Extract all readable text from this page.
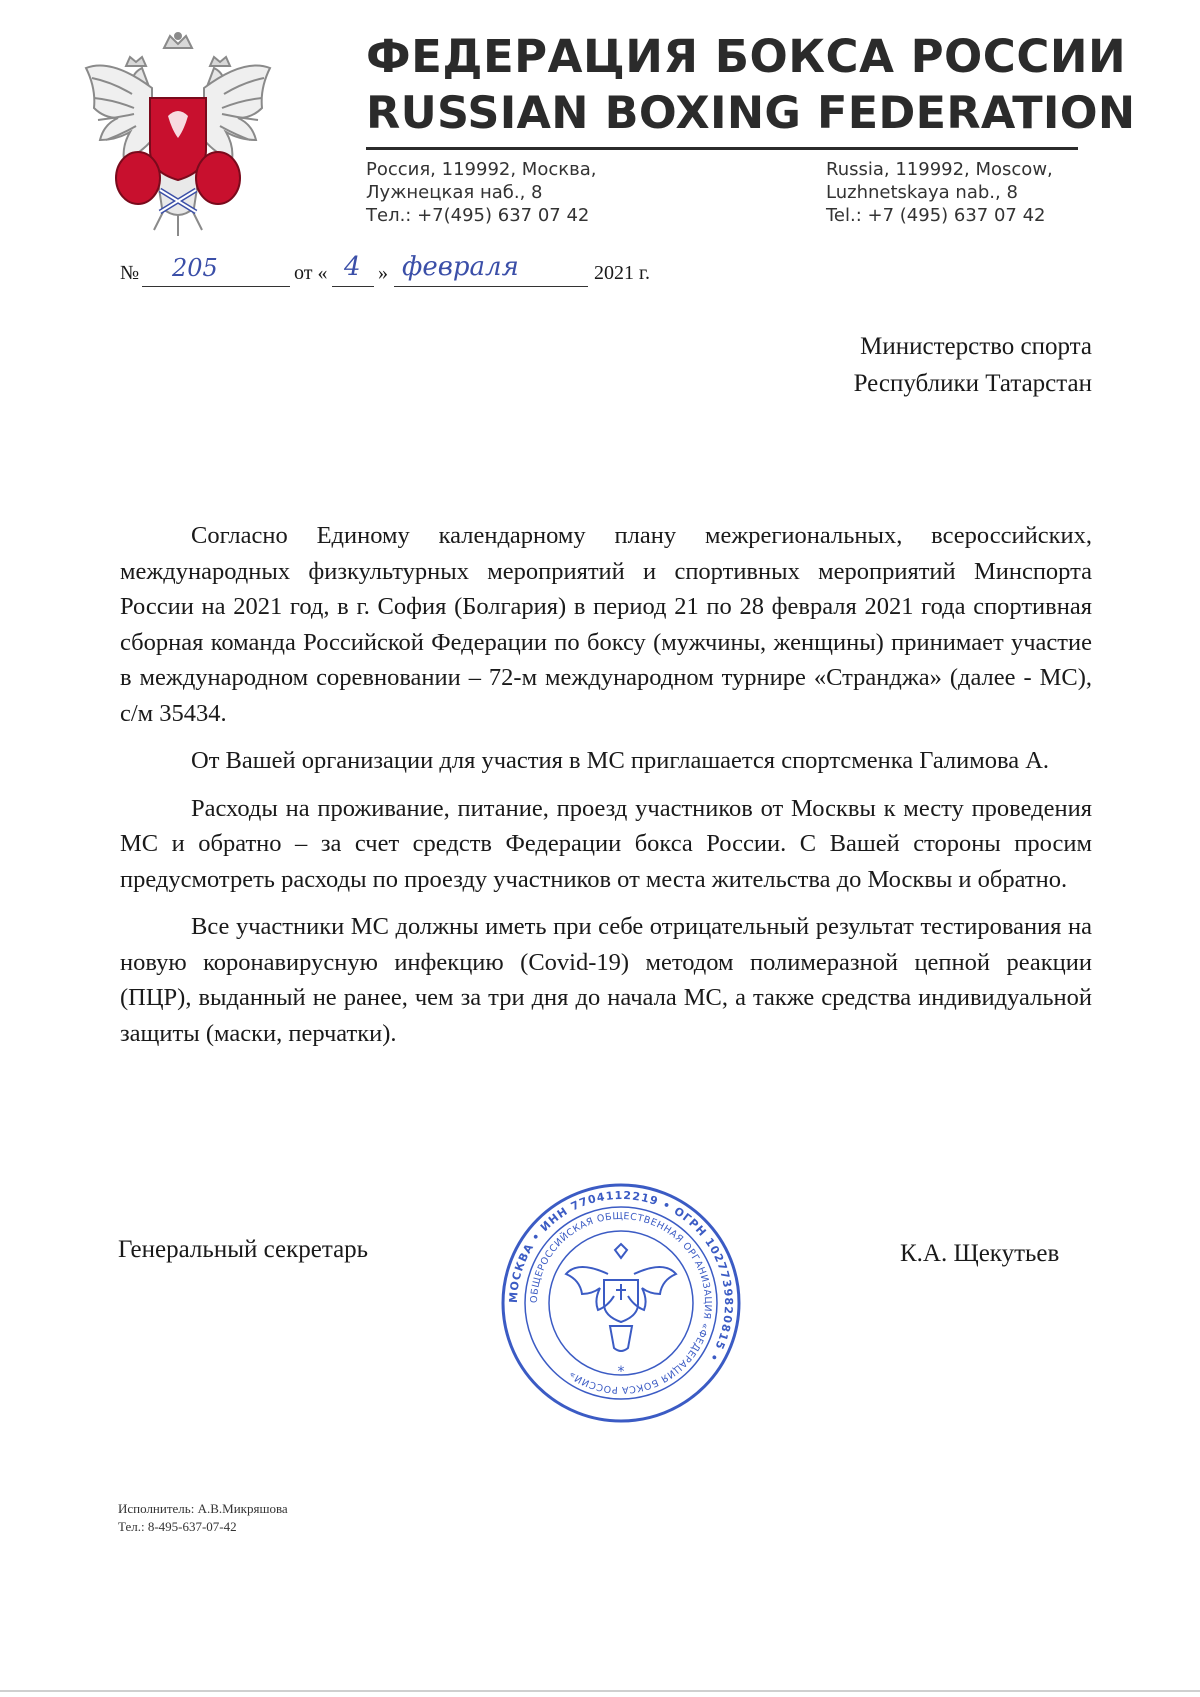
ФЕДЕРАЦИЯ БОКСА РОССИИ
RUSSIAN BOXING FEDERATION
Россия, 119992, Москва,
Лужнецкая наб., 8
Тел.: +7(495) 637 07 42
Russia, 119992, Moscow,
Luzhnetskaya nab., 8
Tel.: +7 (495) 637 07 42
№ 205	от « 4 » февраля	2021 г.
Министерство спорта
Республики Татарстан

Согласно Единому календарному плану межрегиональных, всероссийских, международных физкультурных мероприятий и спортивных мероприятий Минспорта России на 2021 год, в г. София (Болгария) в период 21 по 28 февраля 2021 года спортивная сборная команда Российской Федерации по боксу (мужчины, женщины) принимает участие в международном соревновании – 72-м международном турнире «Странджа» (далее - МС), с/м 35434.

От Вашей организации для участия в МС приглашается спортсменка Галимова А.

Расходы на проживание, питание, проезд участников от Москвы к месту проведения МС и обратно – за счет средств Федерации бокса России. С Вашей стороны просим предусмотреть расходы по проезду участников от места жительства до Москвы и обратно.

Все участники МС должны иметь при себе отрицательный результат тестирования на новую коронавирусную инфекцию (Covid-19) методом полимеразной цепной реакции (ПЦР), выданный не ранее, чем за три дня до начала МС, а также средства индивидуальной защиты (маски, перчатки).

Генеральный секретарь	К.А. Щекутьев
МОСКВА • ИНН 7704112219 • ОГРН 1027739820815 •
ОБЩЕРОССИЙСКАЯ ОБЩЕСТВЕННАЯ ОРГАНИЗАЦИЯ «ФЕДЕРАЦИЯ БОКСА РОССИИ»	*
Исполнитель: А.В.Микряшова
Тел.: 8-495-637-07-42
